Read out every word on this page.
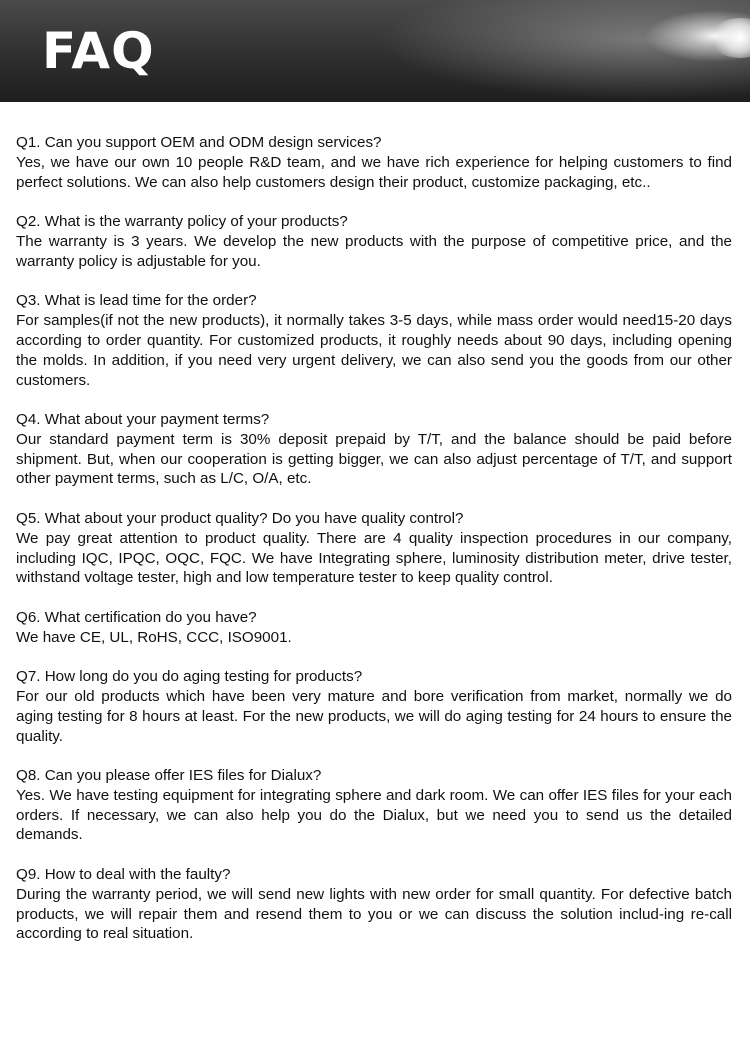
FAQ

Q1. Can you support OEM and ODM design services?

Yes, we have our own 10 people R&D team, and we have rich experience for helping customers to find perfect solutions. We can also help customers design their product, customize packaging, etc..

Q2. What is the warranty policy of your products?

The warranty is 3 years. We develop the new products with the purpose of competitive price, and the warranty policy is adjustable for you.

Q3. What is lead time for the order?

For samples(if not the new products), it normally takes 3-5 days, while mass order would need15-20 days according to order quantity. For customized products, it roughly needs about 90 days, including opening the molds. In addition, if you need very urgent delivery, we can also send you the goods from our other customers.

Q4. What about your payment terms?

Our standard payment term is 30% deposit prepaid by T/T, and the balance should be paid before shipment. But, when our cooperation is getting bigger, we can also adjust percentage of T/T, and support other payment terms, such as L/C, O/A, etc.

Q5. What about your product quality? Do you have quality control?

We pay great attention to product quality. There are 4 quality inspection procedures in our company, including IQC, IPQC, OQC, FQC. We have Integrating sphere, luminosity distribution meter, drive tester, withstand voltage tester, high and low temperature tester to keep quality control.

Q6. What certification do you have?

We have CE, UL, RoHS, CCC, ISO9001.

Q7. How long do you do aging testing for products?

For our old products which have been very mature and bore verification from market, normally we do aging testing for 8 hours at least. For the new products, we will do aging testing for 24 hours to ensure the quality.

Q8. Can you please offer IES files for Dialux?

Yes. We have testing equipment for integrating sphere and dark room. We can offer IES files for your each orders. If necessary, we can also help you do the Dialux, but we need you to send us the detailed demands.

Q9. How to deal with the faulty?

During the warranty period, we will send new lights with new order for small quantity. For defective batch products, we will repair them and resend them to you or we can discuss the solution includ-ing re-call according to real situation.
